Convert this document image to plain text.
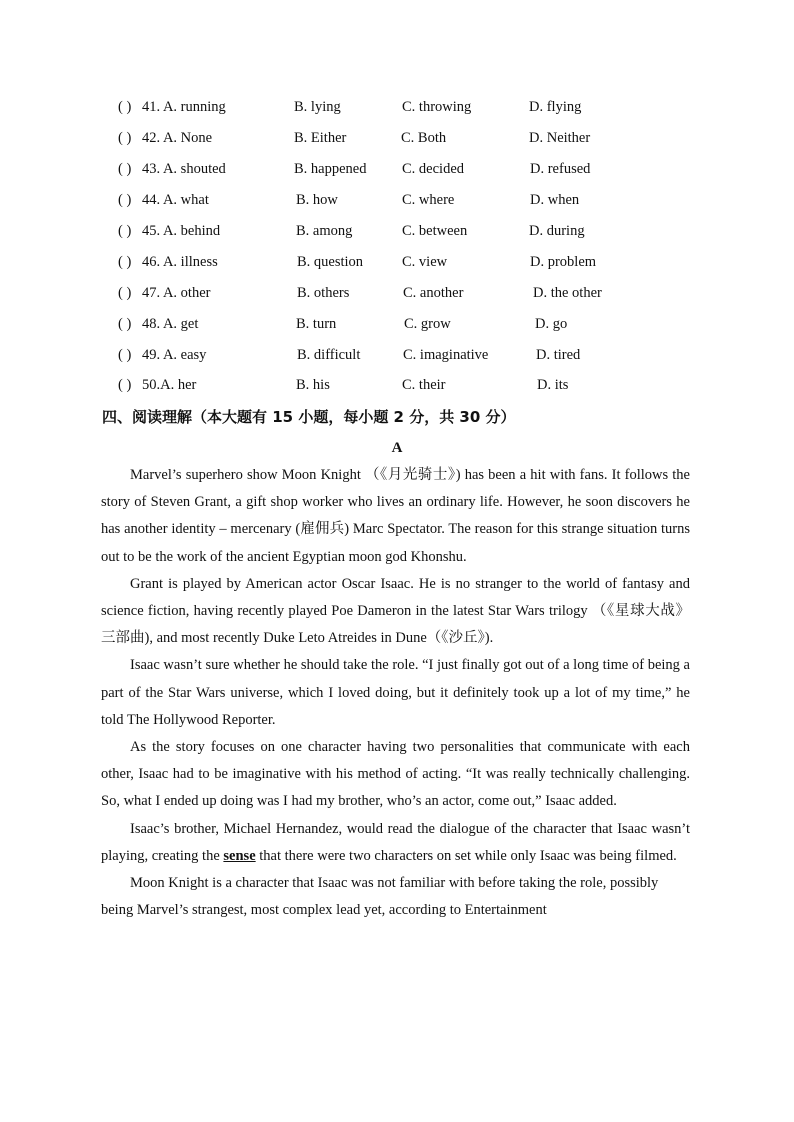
( ) 41. A. running	B. lying	C. throwing	D. flying
( ) 42. A. None	B. Either	C. Both	D. Neither
( ) 43. A. shouted	B. happened C. decided	D. refused
( ) 44. A. what	B. how	C. where	D. when
( ) 45. A. behind	B. among	C. between	D. during
( ) 46. A. illness	B. question	C. view	D. problem
( ) 47. A. other	B. others	C. another	D. the other
( ) 48. A. get	B. turn	C. grow	D. go
( ) 49. A. easy	B. difficult	C. imaginative	D. tired
( ) 50.A. her	B. his	C. their	D. its
四、阅读理解（本大题有 15 小题，每小题 2 分，共 30 分）
A

Marvel’s superhero show Moon Knight （《月光骑士》) has been a hit with fans. It follows the story of Steven Grant, a gift shop worker who lives an ordinary life. However, he soon discovers he has another identity – mercenary (雇佣兵) Marc Spectator. The reason for this strange situation turns out to be the work of the ancient Egyptian moon god Khonshu.

Grant is played by American actor Oscar Isaac. He is no stranger to the world of fantasy and science fiction, having recently played Poe Dameron in the latest Star Wars trilogy （《星球大战》三部曲), and most recently Duke Leto Atreides in Dune（《沙丘》).

Isaac wasn’t sure whether he should take the role. “I just finally got out of a long time of being a part of the Star Wars universe, which I loved doing, but it definitely took up a lot of my time,” he told The Hollywood Reporter.

As the story focuses on one character having two personalities that communicate with each other, Isaac had to be imaginative with his method of acting. “It was really technically challenging. So, what I ended up doing was I had my brother, who’s an actor, come out,” Isaac added.

Isaac’s brother, Michael Hernandez, would read the dialogue of the character that Isaac wasn’t playing, creating the sense that there were two characters on set while only Isaac was being filmed.

Moon Knight is a character that Isaac was not familiar with before taking the role, possibly being Marvel’s strangest, most complex lead yet, according to Entertainment
